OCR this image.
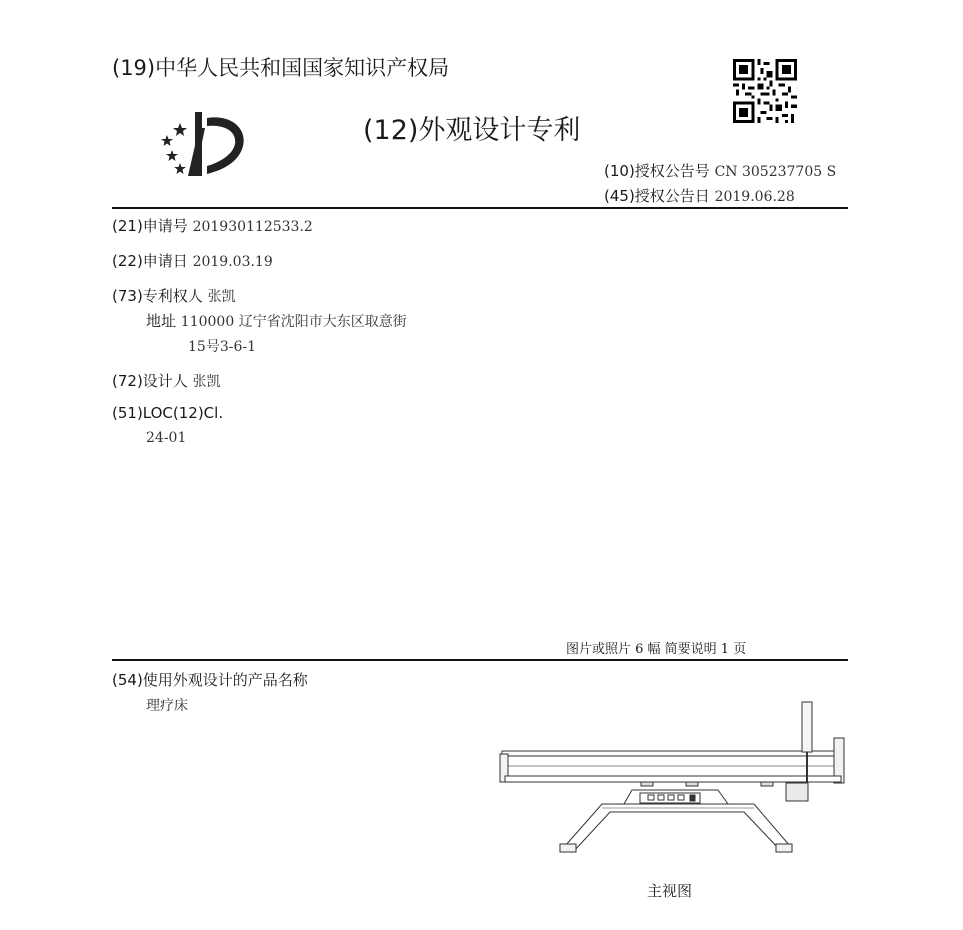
(19)中华人民共和国国家知识产权局
(12)外观设计专利
(10)授权公告号 CN 305237705 S
(45)授权公告日 2019.06.28
(21)申请号 201930112533.2
(22)申请日 2019.03.19
(73)专利权人 张凯
地址 110000 辽宁省沈阳市大东区取意街
15号3-6-1
(72)设计人 张凯
(51)LOC(12)Cl.
24-01
图片或照片 6 幅 简要说明 1 页
(54)使用外观设计的产品名称
理疗床
主视图
